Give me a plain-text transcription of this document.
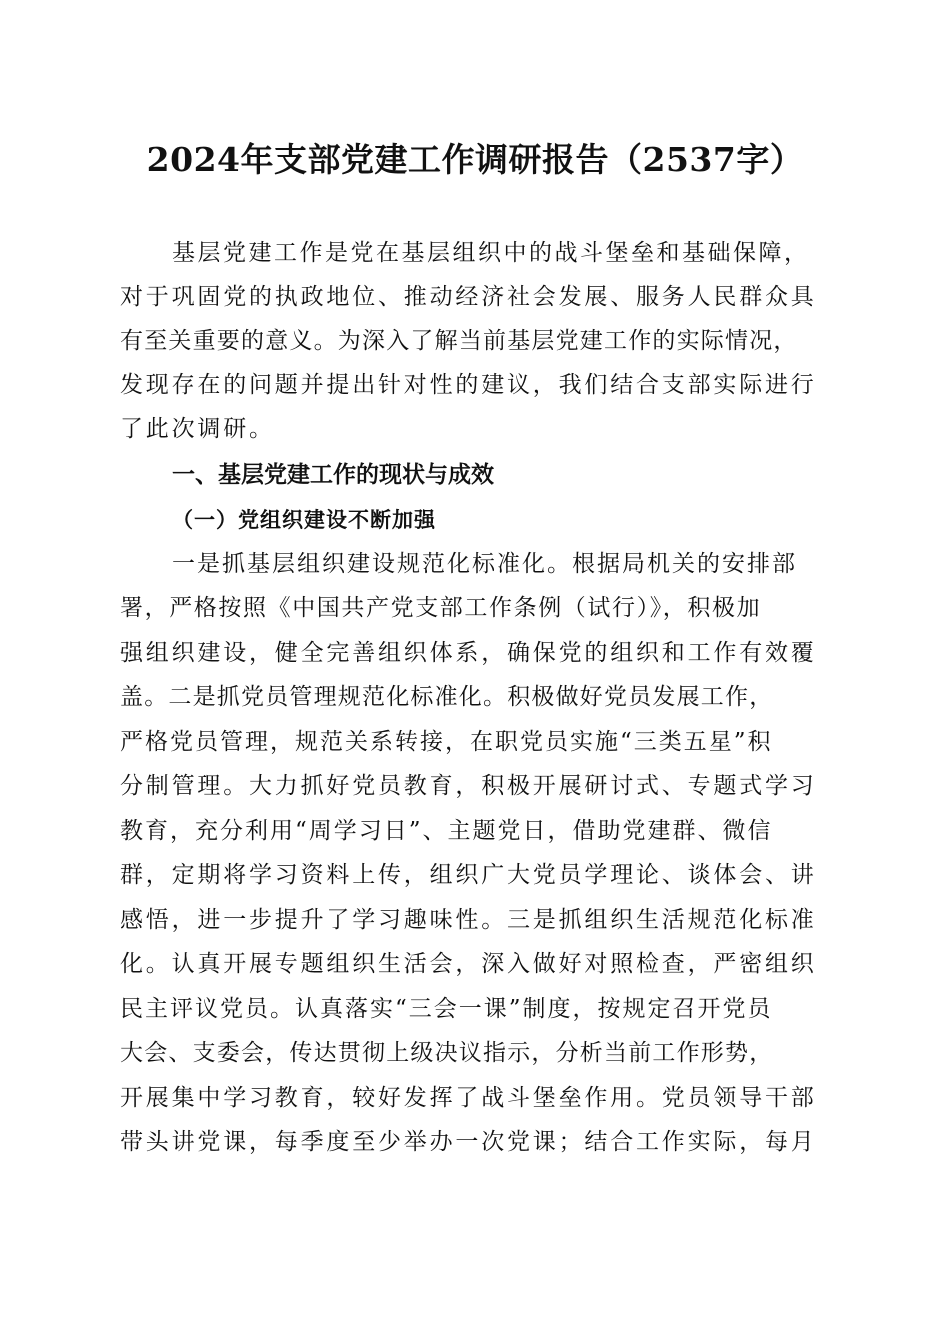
2024年支部党建工作调研报告（2537字）

基层党建工作是党在基层组织中的战斗堡垒和基础保障，

对于巩固党的执政地位、推动经济社会发展、服务人民群众具

有至关重要的意义。为深入了解当前基层党建工作的实际情况，

发现存在的问题并提出针对性的建议，我们结合支部实际进行

了此次调研。

一、基层党建工作的现状与成效
（一）党组织建设不断加强

一是抓基层组织建设规范化标准化。根据局机关的安排部

署，严格按照《中国共产党支部工作条例（试行）》，积极加

强组织建设，健全完善组织体系，确保党的组织和工作有效覆

盖。二是抓党员管理规范化标准化。积极做好党员发展工作，

严格党员管理，规范关系转接，在职党员实施“三类五星”积

分制管理。大力抓好党员教育，积极开展研讨式、专题式学习

教育，充分利用“周学习日”、主题党日，借助党建群、微信

群，定期将学习资料上传，组织广大党员学理论、谈体会、讲

感悟，进一步提升了学习趣味性。三是抓组织生活规范化标准

化。认真开展专题组织生活会，深入做好对照检查，严密组织

民主评议党员。认真落实“三会一课”制度，按规定召开党员

大会、支委会，传达贯彻上级决议指示，分析当前工作形势，

开展集中学习教育，较好发挥了战斗堡垒作用。党员领导干部

带头讲党课，每季度至少举办一次党课；结合工作实际，每月
